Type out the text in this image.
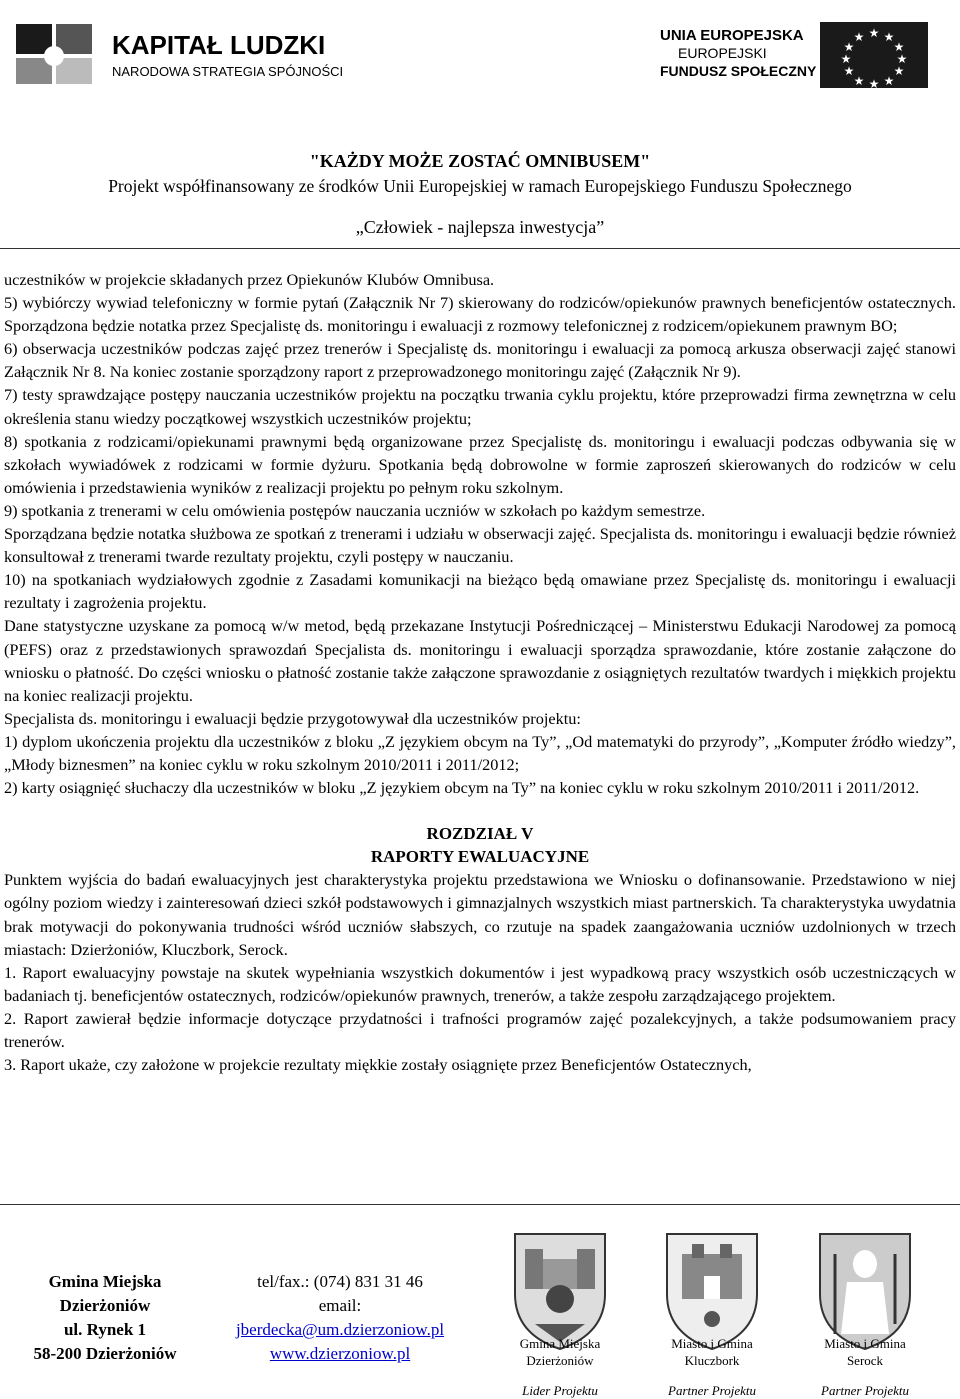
KAPITAŁ LUDZKI
NARODOWA STRATEGIA SPÓJNOŚCI
UNIA EUROPEJSKA
EUROPEJSKI
FUNDUSZ SPOŁECZNY
★ ★
★
★
★
★
★
★
★
★
★
★
"KAŻDY MOŻE ZOSTAĆ OMNIBUSEM"
Projekt współfinansowany ze środków Unii Europejskiej w ramach Europejskiego Funduszu Społecznego
„Człowiek - najlepsza inwestycja”

uczestników w projekcie składanych przez Opiekunów Klubów Omnibusa.

5) wybiórczy wywiad telefoniczny w formie pytań (Załącznik Nr 7) skierowany do rodziców/opiekunów prawnych beneficjentów ostatecznych. Sporządzona będzie notatka przez Specjalistę ds. monitoringu i ewaluacji z rozmowy telefonicznej z rodzicem/opiekunem prawnym BO;

6) obserwacja uczestników podczas zajęć przez trenerów i Specjalistę ds. monitoringu i ewaluacji za pomocą arkusza obserwacji zajęć stanowi Załącznik Nr 8. Na koniec zostanie sporządzony raport z przeprowadzonego monitoringu zajęć (Załącznik Nr 9).

7) testy sprawdzające postępy nauczania uczestników projektu na początku trwania cyklu projektu, które przeprowadzi firma zewnętrzna w celu określenia stanu wiedzy początkowej wszystkich uczestników projektu;

8) spotkania z rodzicami/opiekunami prawnymi będą organizowane przez Specjalistę ds. monitoringu i ewaluacji podczas odbywania się w szkołach wywiadówek z rodzicami w formie dyżuru. Spotkania będą dobrowolne w formie zaproszeń skierowanych do rodziców w celu omówienia i przedstawienia wyników z realizacji projektu po pełnym roku szkolnym.

9) spotkania z trenerami w celu omówienia postępów nauczania uczniów w szkołach po każdym semestrze.

Sporządzana będzie notatka służbowa ze spotkań z trenerami i udziału w obserwacji zajęć. Specjalista ds. monitoringu i ewaluacji będzie również konsultował z trenerami twarde rezultaty projektu, czyli postępy w nauczaniu.

10) na spotkaniach wydziałowych zgodnie z Zasadami komunikacji na bieżąco będą omawiane przez Specjalistę ds. monitoringu i ewaluacji rezultaty i zagrożenia projektu.

Dane statystyczne uzyskane za pomocą w/w metod, będą przekazane Instytucji Pośredniczącej – Ministerstwu Edukacji Narodowej za pomocą (PEFS) oraz z przedstawionych sprawozdań Specjalista ds. monitoringu i ewaluacji sporządza sprawozdanie, które zostanie załączone do wniosku o płatność. Do części wniosku o płatność zostanie także załączone sprawozdanie z osiągniętych rezultatów twardych i miękkich projektu na koniec realizacji projektu.

Specjalista ds. monitoringu i ewaluacji będzie przygotowywał dla uczestników projektu:

1) dyplom ukończenia projektu dla uczestników z bloku „Z językiem obcym na Ty”, „Od matematyki do przyrody”, „Komputer źródło wiedzy”, „Młody biznesmen” na koniec cyklu w roku szkolnym 2010/2011 i 2011/2012;

2) karty osiągnięć słuchaczy dla uczestników w bloku „Z językiem obcym na Ty” na koniec cyklu w roku szkolnym 2010/2011 i 2011/2012.

ROZDZIAŁ V

RAPORTY EWALUACYJNE

Punktem wyjścia do badań ewaluacyjnych jest charakterystyka projektu przedstawiona we Wniosku o dofinansowanie. Przedstawiono w niej ogólny poziom wiedzy i zainteresowań dzieci szkół podstawowych i gimnazjalnych wszystkich miast partnerskich. Ta charakterystyka uwydatnia brak motywacji do pokonywania trudności wśród uczniów słabszych, co rzutuje na spadek zaangażowania uczniów uzdolnionych w trzech miastach: Dzierżoniów, Kluczbork, Serock.

1. Raport ewaluacyjny powstaje na skutek wypełniania wszystkich dokumentów i jest wypadkową pracy wszystkich osób uczestniczących w badaniach tj. beneficjentów ostatecznych, rodziców/opiekunów prawnych, trenerów, a także zespołu zarządzającego projektem.

2. Raport zawierał będzie informacje dotyczące przydatności i trafności programów zajęć pozalekcyjnych, a także podsumowaniem pracy trenerów.

3. Raport ukaże, czy założone w projekcie rezultaty miękkie zostały osiągnięte przez Beneficjentów Ostatecznych,

Gmina Miejska
Dzierżoniów
ul. Rynek 1
58-200 Dzierżoniów
tel/fax.: (074) 831 31 46
email:
jberdecka@um.dzierzoniow.pl
www.dzierzoniow.pl
Gmina Miejska
Dzierżoniów
Lider Projektu
Miasto i Gmina
Kluczbork
Partner Projektu
Miasto i Gmina
Serock
Partner Projektu
